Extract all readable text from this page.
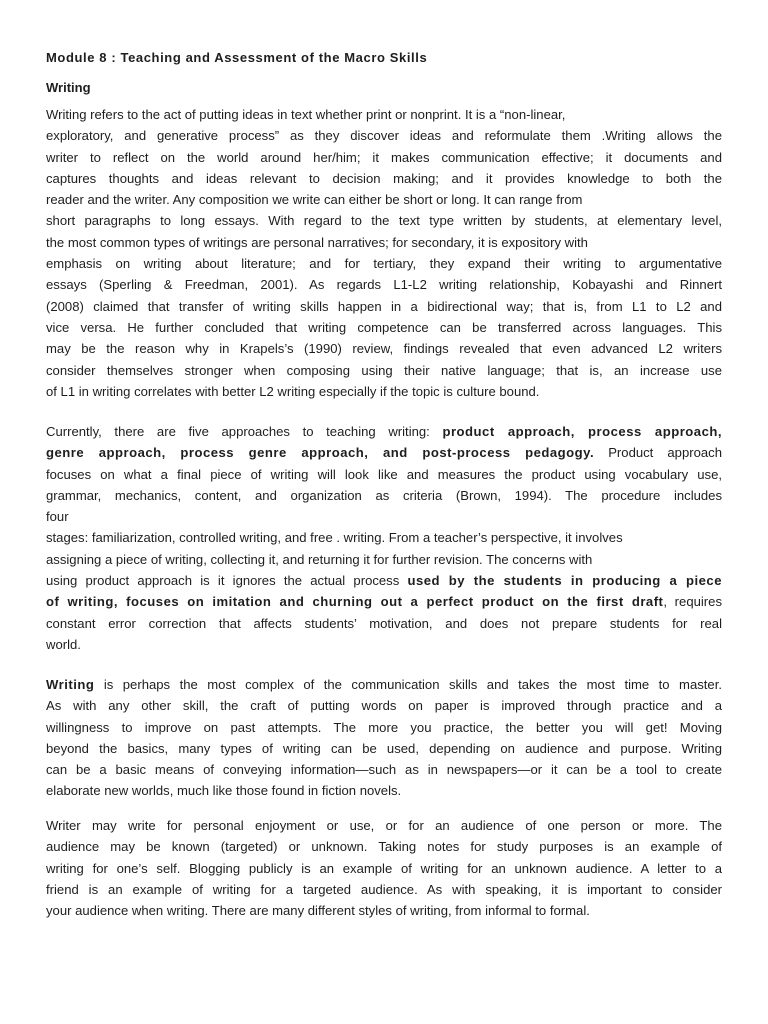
Module 8 : Teaching and Assessment of the Macro Skills
Writing
Writing refers to the act of putting ideas in text whether print or nonprint. It is a “non-linear,
exploratory, and generative process” as they discover ideas and reformulate them .Writing allows the
writer to reflect on the world around her/him; it makes communication effective; it documents and
captures thoughts and ideas relevant to decision making; and it provides knowledge to both the
reader and the writer. Any composition we write can either be short or long. It can range from
short paragraphs to long essays. With regard to the text type written by students, at elementary level,
the most common types of writings are personal narratives; for secondary, it is expository with
emphasis on writing about literature; and for tertiary, they expand their writing to argumentative
essays (Sperling & Freedman, 2001). As regards L1-L2 writing relationship, Kobayashi and Rinnert
(2008) claimed that transfer of writing skills happen in a bidirectional way; that is, from L1 to L2 and
vice versa. He further concluded that writing competence can be transferred across languages. This
may be the reason why in Krapels’s (1990) review, findings revealed that even advanced L2 writers
consider themselves stronger when composing using their native language; that is, an increase use
of L1 in writing correlates with better L2 writing especially if the topic is culture bound.
Currently, there are five approaches to teaching writing: product approach, process approach,
genre approach, process genre approach, and post-process pedagogy. Product approach
focuses on what a final piece of writing will look like and measures the product using vocabulary use,
grammar, mechanics, content, and organization as criteria (Brown, 1994). The procedure includes
four
stages: familiarization, controlled writing, and free . writing. From a teacher’s perspective, it involves
assigning a piece of writing, collecting it, and returning it for further revision. The concerns with
using product approach is it ignores the actual process used by the students in producing a piece
of writing, focuses on imitation and churning out a perfect product on the first draft, requires
constant error correction that affects students’ motivation, and does not prepare students for real
world.
Writing is perhaps the most complex of the communication skills and takes the most time to master.
As with any other skill, the craft of putting words on paper is improved through practice and a
willingness to improve on past attempts. The more you practice, the better you will get! Moving
beyond the basics, many types of writing can be used, depending on audience and purpose. Writing
can be a basic means of conveying information—such as in newspapers—or it can be a tool to create
elaborate new worlds, much like those found in fiction novels.
Writer may write for personal enjoyment or use, or for an audience of one person or more. The
audience may be known (targeted) or unknown. Taking notes for study purposes is an example of
writing for one’s self. Blogging publicly is an example of writing for an unknown audience. A letter to a
friend is an example of writing for a targeted audience. As with speaking, it is important to consider
your audience when writing. There are many different styles of writing, from informal to formal.
